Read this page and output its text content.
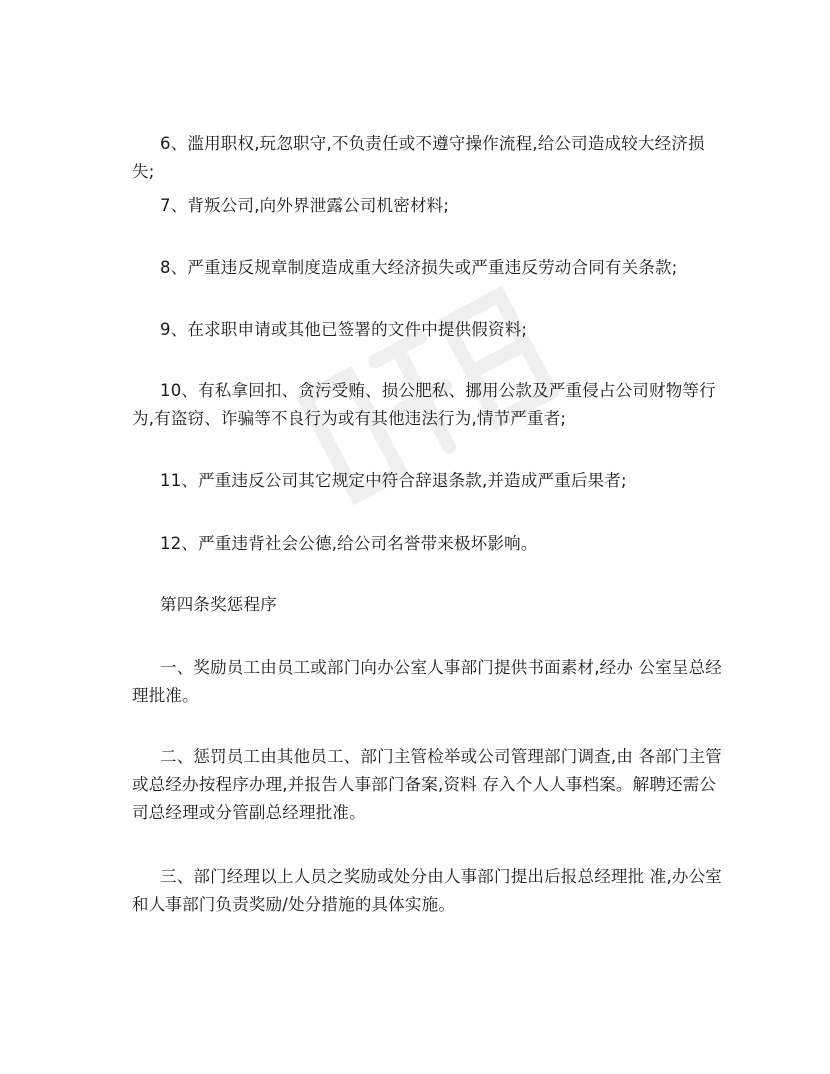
6、滥用职权,玩忽职守,不负责任或不遵守操作流程,给公司造成较大经济损失;

7、背叛公司,向外界泄露公司机密材料;

8、严重违反规章制度造成重大经济损失或严重违反劳动合同有关条款;

9、在求职申请或其他已签署的文件中提供假资料;

10、有私拿回扣、贪污受贿、损公肥私、挪用公款及严重侵占公司财物等行为,有盗窃、诈骗等不良行为或有其他违法行为,情节严重者;

11、严重违反公司其它规定中符合辞退条款,并造成严重后果者;

12、严重违背社会公德,给公司名誉带来极坏影响。

第四条奖惩程序

一、奖励员工由员工或部门向办公室人事部门提供书面素材,经办 公室呈总经理批准。

二、惩罚员工由其他员工、部门主管检举或公司管理部门调查,由 各部门主管或总经办按程序办理,并报告人事部门备案,资料 存入个人人事档案。解聘还需公司总经理或分管副总经理批准。

三、部门经理以上人员之奖励或处分由人事部门提出后报总经理批 准,办公室和人事部门负责奖励/处分措施的具体实施。
